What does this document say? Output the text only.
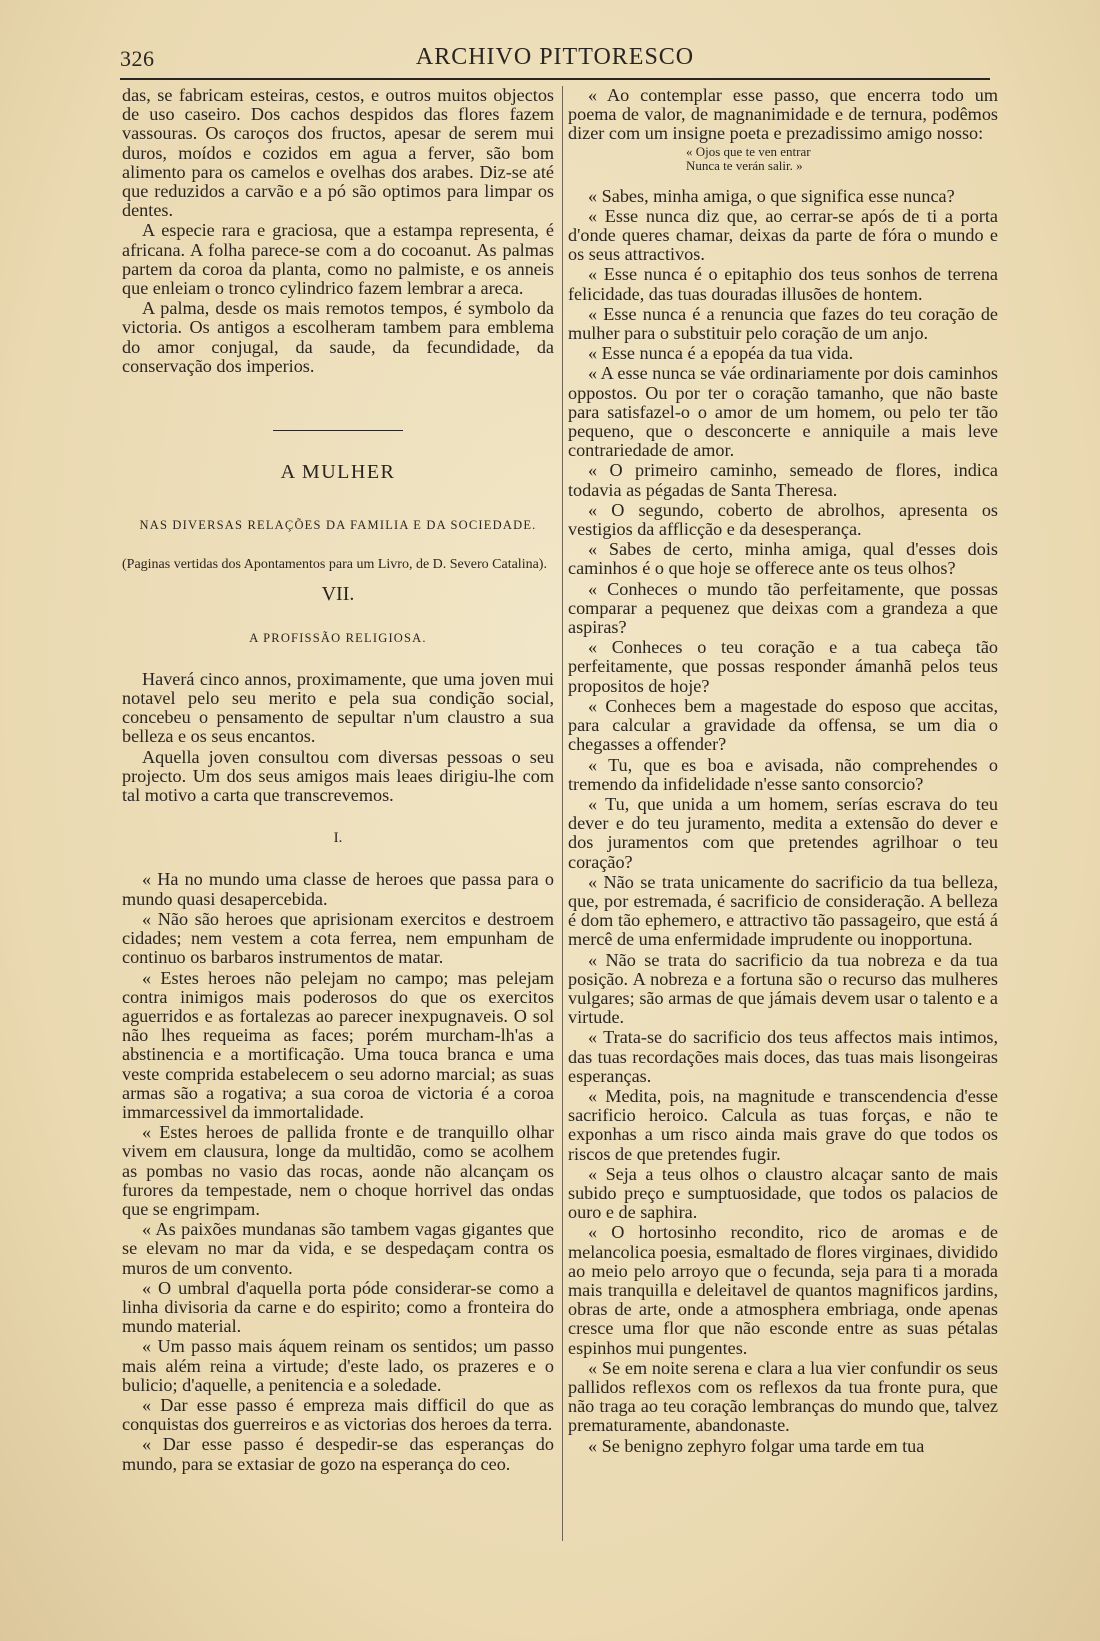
326	ARCHIVO PITTORESCO

das, se fabricam esteiras, cestos, e outros muitos objectos de uso caseiro. Dos cachos despidos das flores fazem vassouras. Os caroços dos fructos, apesar de serem mui duros, moídos e cozidos em agua a ferver, são bom alimento para os camelos e ovelhas dos arabes. Diz-se até que reduzidos a carvão e a pó são optimos para limpar os dentes.

A especie rara e graciosa, que a estampa representa, é africana. A folha parece-se com a do cocoanut. As palmas partem da coroa da planta, como no palmiste, e os anneis que enleiam o tronco cylindrico fazem lembrar a areca.

A palma, desde os mais remotos tempos, é symbolo da victoria. Os antigos a escolheram tambem para emblema do amor conjugal, da saude, da fecundidade, da conservação dos imperios.

A MULHER
NAS DIVERSAS RELAÇÕES DA FAMILIA E DA SOCIEDADE.
(Paginas vertidas dos Apontamentos para um Livro, de D. Severo Catalina).
VII.
A PROFISSÃO RELIGIOSA.

Haverá cinco annos, proximamente, que uma joven mui notavel pelo seu merito e pela sua condição social, concebeu o pensamento de sepultar n'um claustro a sua belleza e os seus encantos.

Aquella joven consultou com diversas pessoas o seu projecto. Um dos seus amigos mais leaes dirigiu-lhe com tal motivo a carta que transcrevemos.

I.

« Ha no mundo uma classe de heroes que passa para o mundo quasi desapercebida.

« Não são heroes que aprisionam exercitos e destroem cidades; nem vestem a cota ferrea, nem empunham de continuo os barbaros instrumentos de matar.

« Estes heroes não pelejam no campo; mas pelejam contra inimigos mais poderosos do que os exercitos aguerridos e as fortalezas ao parecer inexpugnaveis. O sol não lhes requeima as faces; porém murcham-lh'as a abstinencia e a mortificação. Uma touca branca e uma veste comprida estabelecem o seu adorno marcial; as suas armas são a rogativa; a sua coroa de victoria é a coroa immarcessivel da immortalidade.

« Estes heroes de pallida fronte e de tranquillo olhar vivem em clausura, longe da multidão, como se acolhem as pombas no vasio das rocas, aonde não alcançam os furores da tempestade, nem o choque horrivel das ondas que se engrimpam.

« As paixões mundanas são tambem vagas gigantes que se elevam no mar da vida, e se despedaçam contra os muros de um convento.

« O umbral d'aquella porta póde considerar-se como a linha divisoria da carne e do espirito; como a fronteira do mundo material.

« Um passo mais áquem reinam os sentidos; um passo mais além reina a virtude; d'este lado, os prazeres e o bulicio; d'aquelle, a penitencia e a soledade.

« Dar esse passo é empreza mais difficil do que as conquistas dos guerreiros e as victorias dos heroes da terra.

« Dar esse passo é despedir-se das esperanças do mundo, para se extasiar de gozo na esperança do ceo.

« Ao contemplar esse passo, que encerra todo um poema de valor, de magnanimidade e de ternura, podêmos dizer com um insigne poeta e prezadissimo amigo nosso:

« Ojos que te ven entrar
Nunca te verán salir. »

« Sabes, minha amiga, o que significa esse nunca?

« Esse nunca diz que, ao cerrar-se após de ti a porta d'onde queres chamar, deixas da parte de fóra o mundo e os seus attractivos.

« Esse nunca é o epitaphio dos teus sonhos de terrena felicidade, das tuas douradas illusões de hontem.

« Esse nunca é a renuncia que fazes do teu coração de mulher para o substituir pelo coração de um anjo.

« Esse nunca é a epopéa da tua vida.

« A esse nunca se váe ordinariamente por dois caminhos oppostos. Ou por ter o coração tamanho, que não baste para satisfazel-o o amor de um homem, ou pelo ter tão pequeno, que o desconcerte e anniquile a mais leve contrariedade de amor.

« O primeiro caminho, semeado de flores, indica todavia as pégadas de Santa Theresa.

« O segundo, coberto de abrolhos, apresenta os vestigios da afflicção e da desesperança.

« Sabes de certo, minha amiga, qual d'esses dois caminhos é o que hoje se offerece ante os teus olhos?

« Conheces o mundo tão perfeitamente, que possas comparar a pequenez que deixas com a grandeza a que aspiras?

« Conheces o teu coração e a tua cabeça tão perfeitamente, que possas responder ámanhã pelos teus propositos de hoje?

« Conheces bem a magestade do esposo que accitas, para calcular a gravidade da offensa, se um dia o chegasses a offender?

« Tu, que es boa e avisada, não comprehendes o tremendo da infidelidade n'esse santo consorcio?

« Tu, que unida a um homem, serías escrava do teu dever e do teu juramento, medita a extensão do dever e dos juramentos com que pretendes agrilhoar o teu coração?

« Não se trata unicamente do sacrificio da tua belleza, que, por estremada, é sacrificio de consideração. A belleza é dom tão ephemero, e attractivo tão passageiro, que está á mercê de uma enfermidade imprudente ou inopportuna.

« Não se trata do sacrificio da tua nobreza e da tua posição. A nobreza e a fortuna são o recurso das mulheres vulgares; são armas de que jámais devem usar o talento e a virtude.

« Trata-se do sacrificio dos teus affectos mais intimos, das tuas recordações mais doces, das tuas mais lisongeiras esperanças.

« Medita, pois, na magnitude e transcendencia d'esse sacrificio heroico. Calcula as tuas forças, e não te exponhas a um risco ainda mais grave do que todos os riscos de que pretendes fugir.

« Seja a teus olhos o claustro alcaçar santo de mais subido preço e sumptuosidade, que todos os palacios de ouro e de saphira.

« O hortosinho recondito, rico de aromas e de melancolica poesia, esmaltado de flores virginaes, dividido ao meio pelo arroyo que o fecunda, seja para ti a morada mais tranquilla e deleitavel de quantos magnificos jardins, obras de arte, onde a atmosphera embriaga, onde apenas cresce uma flor que não esconde entre as suas pétalas espinhos mui pungentes.

« Se em noite serena e clara a lua vier confundir os seus pallidos reflexos com os reflexos da tua fronte pura, que não traga ao teu coração lembranças do mundo que, talvez prematuramente, abandonaste.

« Se benigno zephyro folgar uma tarde em tua
